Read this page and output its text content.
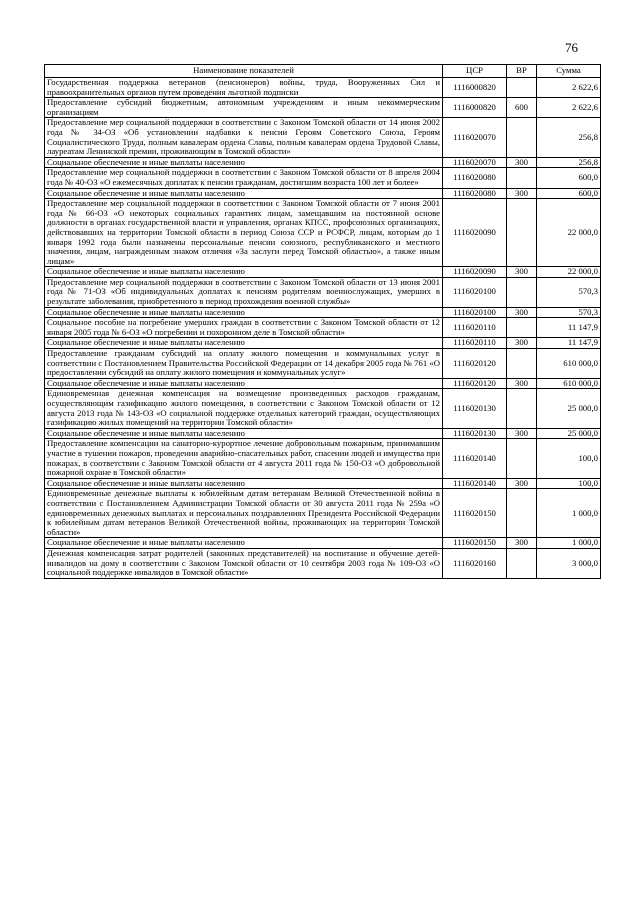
76
Наименование показателей	ЦСР	ВР	Сумма
Государственная поддержка ветеранов (пенсионеров) войны, труда, Вооруженных Сил и правоохранительных органов путем проведения льготной подписки	1116000820		2 622,6
Предоставление субсидий бюджетным, автономным учреждениям и иным некоммерческим организациям	1116000820	600	2 622,6
Предоставление мер социальной поддержки в соответствии с Законом Томской области от 14 июня 2002 года № 34-ОЗ «Об установлении надбавки к пенсии Героям Советского Союза, Героям Социалистического Труда, полным кавалерам ордена Славы, полным кавалерам ордена Трудовой Славы, лауреатам Ленинской премии, проживающим в Томской области»	1116020070		256,8
Социальное обеспечение и иные выплаты населению	1116020070	300	256,8
Предоставление мер социальной поддержки в соответствии с Законом Томской области от 8 апреля 2004 года № 40-ОЗ «О ежемесячных доплатах к пенсии гражданам, достигшим возраста 100 лет и более»	1116020080		600,0
Социальное обеспечение и иные выплаты населению	1116020080	300	600,0
Предоставление мер социальной поддержки в соответствии с Законом Томской области от 7 июня 2001 года № 66-ОЗ «О некоторых социальных гарантиях лицам, замещавшим на постоянной основе должности в органах государственной власти и управления, органах КПСС, профсоюзных организациях, действовавших на территории Томской области в период Союза ССР и РСФСР, лицам, которым до 1 января 1992 года были назначены персональные пенсии союзного, республиканского и местного значения, лицам, награжденным знаком отличия «За заслуги перед Томской областью», а также иным лицам»	1116020090		22 000,0
Социальное обеспечение и иные выплаты населению	1116020090	300	22 000,0
Предоставление мер социальной поддержки в соответствии с Законом Томской области от 13 июня 2001 года № 71-ОЗ «Об индивидуальных доплатах к пенсиям родителям военнослужащих, умерших в результате заболевания, приобретенного в период прохождения военной службы»	1116020100		570,3
Социальное обеспечение и иные выплаты населению	1116020100	300	570,3
Социальное пособие на погребение умерших граждан в соответствии с Законом Томской области от 12 января 2005 года № 6-ОЗ «О погребении и похоронном деле в Томской области»	1116020110		11 147,9
Социальное обеспечение и иные выплаты населению	1116020110	300	11 147,9
Предоставление гражданам субсидий на оплату жилого помещения и коммунальных услуг в соответствии с Постановлением Правительства Российской Федерации от 14 декабря 2005 года № 761 «О предоставлении субсидий на оплату жилого помещения и коммунальных услуг»	1116020120		610 000,0
Социальное обеспечение и иные выплаты населению	1116020120	300	610 000,0
Единовременная денежная компенсация на возмещение произведенных расходов гражданам, осуществляющим газификацию жилого помещения, в соответствии с Законом Томской области от 12 августа 2013 года № 143-ОЗ «О социальной поддержке отдельных категорий граждан, осуществляющих газификацию жилых помещений на территории Томской области»	1116020130		25 000,0
Социальное обеспечение и иные выплаты населению	1116020130	300	25 000,0
Предоставление компенсации на санаторно-курортное лечение добровольным пожарным, принимавшим участие в тушении пожаров, проведении аварийно-спасательных работ, спасении людей и имущества при пожарах, в соответствии с Законом Томской области от 4 августа 2011 года № 150-ОЗ «О добровольной пожарной охране в Томской области»	1116020140		100,0
Социальное обеспечение и иные выплаты населению	1116020140	300	100,0
Единовременные денежные выплаты к юбилейным датам ветеранам Великой Отечественной войны в соответствии с Постановлением Администрации Томской области от 30 августа 2011 года № 259а «О единовременных денежных выплатах и персональных поздравлениях Президента Российской Федерации к юбилейным датам ветеранов Великой Отечественной войны, проживающих на территории Томской области»	1116020150		1 000,0
Социальное обеспечение и иные выплаты населению	1116020150	300	1 000,0
Денежная компенсация затрат родителей (законных представителей) на воспитание и обучение детей-инвалидов на дому в соответствии с Законом Томской области от 10 сентября 2003 года № 109-ОЗ «О социальной поддержке инвалидов в Томской области»	1116020160		3 000,0
